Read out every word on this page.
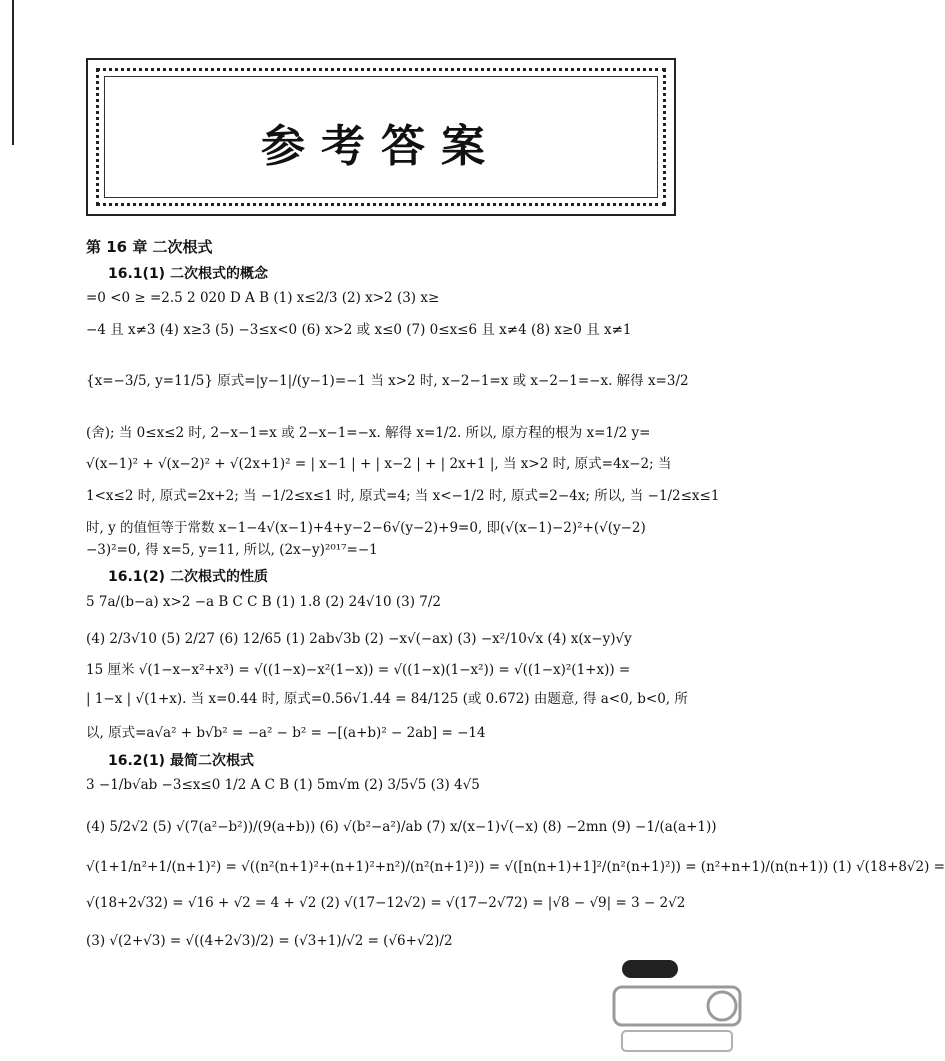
参考答案
第 16 章 二次根式
16.1(1) 二次根式的概念
=0 <0 ≥ =2.5 2 020 D A B (1) x≤2/3 (2) x>2 (3) x≥
−4 且 x≠3 (4) x≥3 (5) −3≤x<0 (6) x>2 或 x≤0 (7) 0≤x≤6 且 x≠4 (8) x≥0 且 x≠1
{x=−3/5, y=11/5} 原式=|y−1|/(y−1)=−1 当 x>2 时, x−2−1=x 或 x−2−1=−x. 解得 x=3/2
(舍); 当 0≤x≤2 时, 2−x−1=x 或 2−x−1=−x. 解得 x=1/2. 所以, 原方程的根为 x=1/2 y=
√(x−1)² + √(x−2)² + √(2x+1)² = | x−1 | + | x−2 | + | 2x+1 |, 当 x>2 时, 原式=4x−2; 当
1<x≤2 时, 原式=2x+2; 当 −1/2≤x≤1 时, 原式=4; 当 x<−1/2 时, 原式=2−4x; 所以, 当 −1/2≤x≤1
时, y 的值恒等于常数 x−1−4√(x−1)+4+y−2−6√(y−2)+9=0, 即(√(x−1)−2)²+(√(y−2)
−3)²=0, 得 x=5, y=11, 所以, (2x−y)²⁰¹⁷=−1
16.1(2) 二次根式的性质
5 7a/(b−a) x>2 −a B C C B (1) 1.8 (2) 24√10 (3) 7/2
(4) 2/3√10 (5) 2/27 (6) 12/65 (1) 2ab√3b (2) −x√(−ax) (3) −x²/10√x (4) x(x−y)√y
15 厘米 √(1−x−x²+x³) = √((1−x)−x²(1−x)) = √((1−x)(1−x²)) = √((1−x)²(1+x)) =
| 1−x | √(1+x). 当 x=0.44 时, 原式=0.56√1.44 = 84/125 (或 0.672) 由题意, 得 a<0, b<0, 所
以, 原式=a√a² + b√b² = −a² − b² = −[(a+b)² − 2ab] = −14
16.2(1) 最简二次根式
3 −1/b√ab −3≤x≤0 1/2 A C B (1) 5m√m (2) 3/5√5 (3) 4√5
(4) 5/2√2 (5) √(7(a²−b²))/(9(a+b)) (6) √(b²−a²)/ab (7) x/(x−1)√(−x) (8) −2mn (9) −1/(a(a+1))
√(1+1/n²+1/(n+1)²) = √((n²(n+1)²+(n+1)²+n²)/(n²(n+1)²)) = √([n(n+1)+1]²/(n²(n+1)²)) = (n²+n+1)/(n(n+1)) (1) √(18+8√2) =
√(18+2√32) = √16 + √2 = 4 + √2 (2) √(17−12√2) = √(17−2√72) = |√8 − √9| = 3 − 2√2
(3) √(2+√3) = √((4+2√3)/2) = (√3+1)/√2 = (√6+√2)/2
